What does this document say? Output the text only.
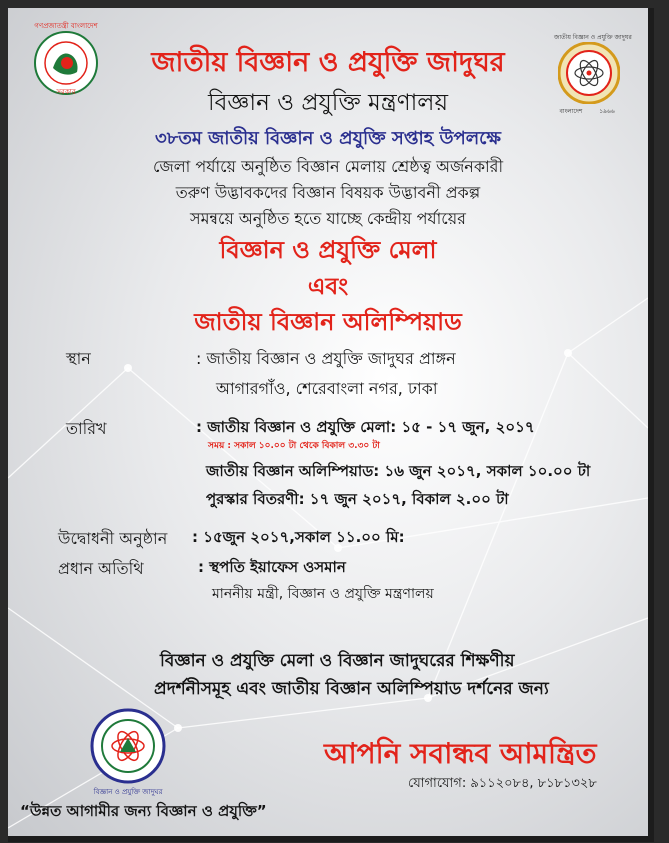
গণপ্রজাতন্ত্রী বাংলাদেশ
সরকার
জাতীয় বিজ্ঞান ও প্রযুক্তি জাদুঘর
বাংলাদেশ	১৯৬৬
জাতীয় বিজ্ঞান ও প্রযুক্তি জাদুঘর
বিজ্ঞান ও প্রযুক্তি মন্ত্রণালয়
৩৮তম জাতীয় বিজ্ঞান ও প্রযুক্তি সপ্তাহ উপলক্ষে
জেলা পর্যায়ে অনুষ্ঠিত বিজ্ঞান মেলায় শ্রেষ্ঠত্ব অর্জনকারী
তরুণ উদ্ভাবকদের বিজ্ঞান বিষয়ক উদ্ভাবনী প্রকল্প
সমন্বয়ে অনুষ্ঠিত হতে যাচ্ছে কেন্দ্রীয় পর্যায়ের
বিজ্ঞান ও প্রযুক্তি মেলা
এবং
জাতীয় বিজ্ঞান অলিম্পিয়াড
স্থান	: জাতীয় বিজ্ঞান ও প্রযুক্তি জাদুঘর প্রাঙ্গন
আগারগাঁও, শেরেবাংলা নগর, ঢাকা
তারিখ	: জাতীয় বিজ্ঞান ও প্রযুক্তি মেলা: ১৫ - ১৭ জুন, ২০১৭
সময় : সকাল ১০.০০ টা থেকে বিকাল ৩.৩০ টা
জাতীয় বিজ্ঞান অলিম্পিয়াড: ১৬ জুন ২০১৭, সকাল ১০.০০ টা
পুরস্কার বিতরণী: ১৭ জুন ২০১৭, বিকাল ২.০০ টা
উদ্বোধনী অনুষ্ঠান : ১৫জুন ২০১৭,সকাল ১১.০০ মি:
প্রধান অতিথি	: স্থপতি ইয়াফেস ওসমান
মাননীয় মন্ত্রী, বিজ্ঞান ও প্রযুক্তি মন্ত্রণালয়
বিজ্ঞান ও প্রযুক্তি মেলা ও বিজ্ঞান জাদুঘরের শিক্ষণীয়
প্রদর্শনীসমূহ এবং জাতীয় বিজ্ঞান অলিম্পিয়াড দর্শনের জন্য
বিজ্ঞান ও প্রযুক্তি জাদুঘর
আপনি সবান্ধব আমন্ত্রিত
যোগাযোগ: ৯১১২০৮৪, ৮১৮১৩২৮
“উন্নত আগামীর জন্য বিজ্ঞান ও প্রযুক্তি”
